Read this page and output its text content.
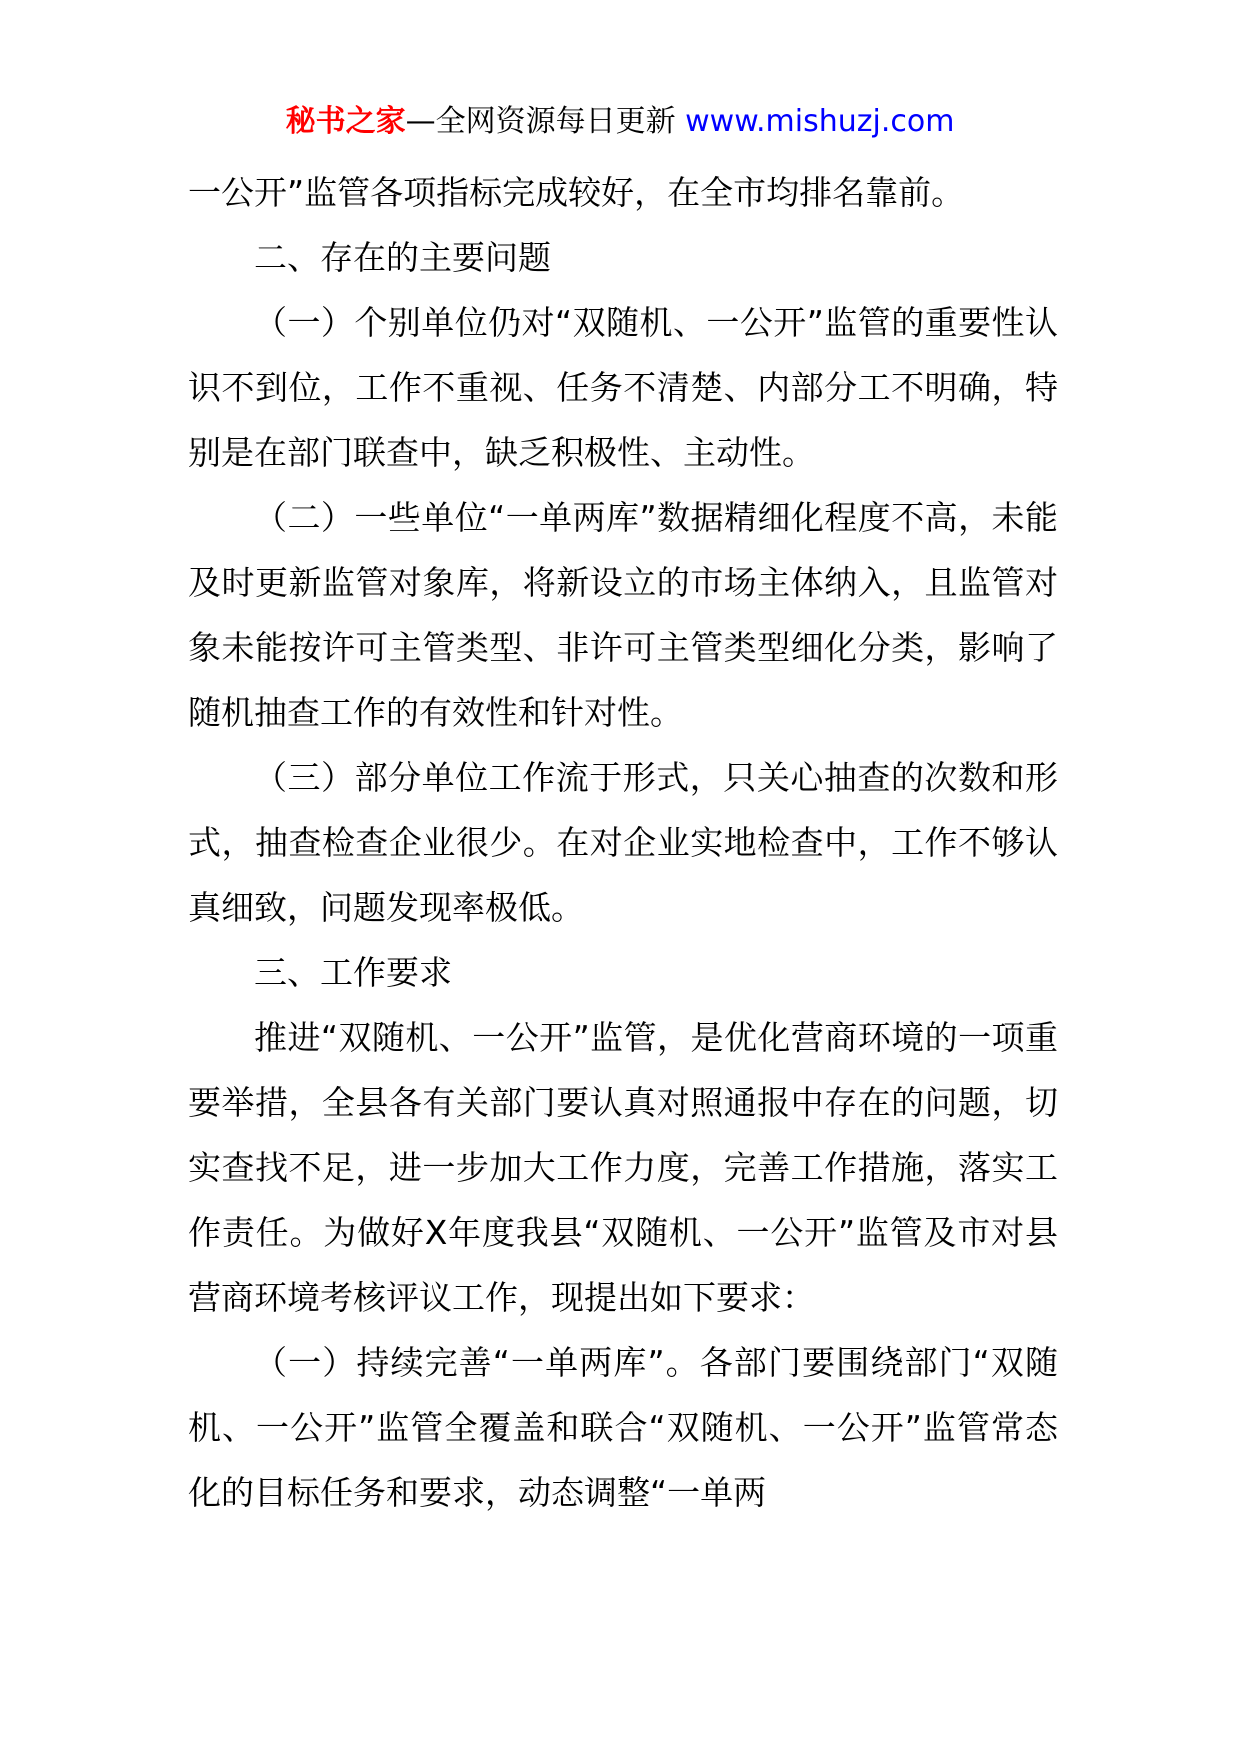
秘书之家—全网资源每日更新 www.mishuzj.com

一公开”监管各项指标完成较好，在全市均排名靠前。

二、存在的主要问题

（一）个别单位仍对“双随机、一公开”监管的重要性认识不到位，工作不重视、任务不清楚、内部分工不明确，特别是在部门联查中，缺乏积极性、主动性。

（二）一些单位“一单两库”数据精细化程度不高，未能及时更新监管对象库，将新设立的市场主体纳入，且监管对象未能按许可主管类型、非许可主管类型细化分类，影响了随机抽查工作的有效性和针对性。

（三）部分单位工作流于形式，只关心抽查的次数和形式，抽查检查企业很少。在对企业实地检查中，工作不够认真细致，问题发现率极低。

三、工作要求

推进“双随机、一公开”监管，是优化营商环境的一项重要举措，全县各有关部门要认真对照通报中存在的问题，切实查找不足，进一步加大工作力度，完善工作措施，落实工作责任。为做好X年度我县“双随机、一公开”监管及市对县营商环境考核评议工作，现提出如下要求：

（一）持续完善“一单两库”。各部门要围绕部门“双随机、一公开”监管全覆盖和联合“双随机、一公开”监管常态化的目标任务和要求，动态调整“一单两
